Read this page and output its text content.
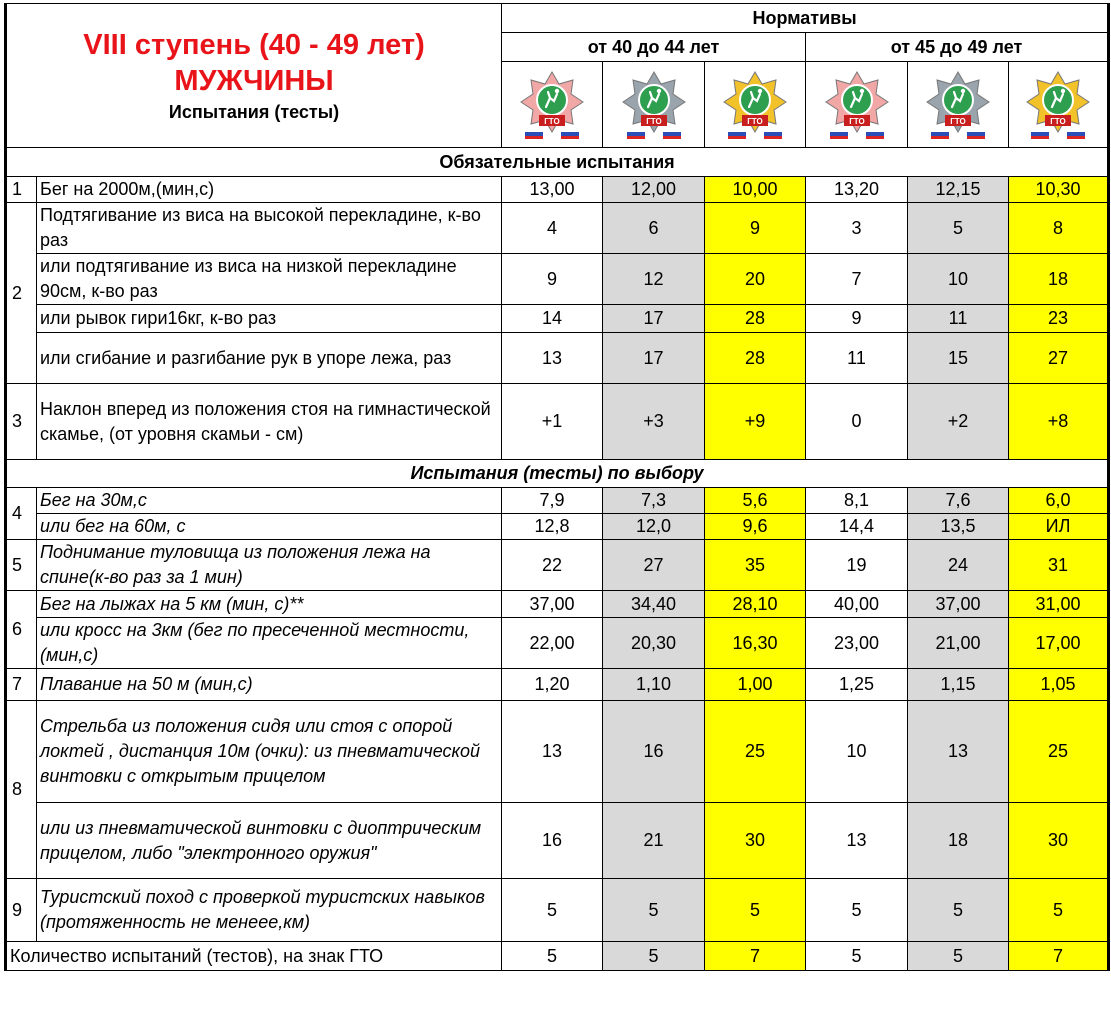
VIII ступень (40 - 49 лет)
МУЖЧИНЫ
Испытания (тесты)		Нормативы					
		от 40 до 44 лет			от 45 до 49 лет		

ГТО	ГТО	ГТО	ГТО	ГТО	ГТО

Обязательные испытания							
1	Бег на 2000м,(мин,с)	13,00	12,00	10,00	13,20	12,15	10,30
2	Подтягивание из виса на высокой перекладине, к-во раз	4	6	9	3	5	8
	или подтягивание из виса на низкой перекладине 90см, к-во раз	9	12	20	7	10	18
	или рывок гири16кг, к-во раз	14	17	28	9	11	23
	или сгибание и разгибание рук в упоре лежа, раз	13	17	28	11	15	27
3	Наклон вперед из положения стоя на гимнастической скамье, (от уровня скамьи - см)	+1	+3	+9	0	+2	+8
Испытания (тесты) по выбору							
4	Бег на 30м,с	7,9	7,3	5,6	8,1	7,6	6,0
	или бег на 60м, с	12,8	12,0	9,6	14,4	13,5	ИЛ
5	Поднимание туловища из положения лежа на спине(к-во раз за 1 мин)	22	27	35	19	24	31
6	Бег на лыжах на 5 км (мин, с)**	37,00	34,40	28,10	40,00	37,00	31,00
	или кросс на 3км (бег по пресеченной местности, (мин,с)	22,00	20,30	16,30	23,00	21,00	17,00
7	Плавание на 50 м (мин,с)	1,20	1,10	1,00	1,25	1,15	1,05
8	Стрельба из положения сидя или стоя с опорой локтей , дистанция 10м (очки): из пневматической винтовки с открытым прицелом	13	16	25	10	13	25
	или из пневматической винтовки с диоптрическим прицелом, либо "электронного оружия"	16	21	30	13	18	30
9	Туристский поход с проверкой туристских навыков (протяженность не менеее,км)	5	5	5	5	5	5
Количество испытаний (тестов), на знак ГТО		5	5	7	5	5	7
